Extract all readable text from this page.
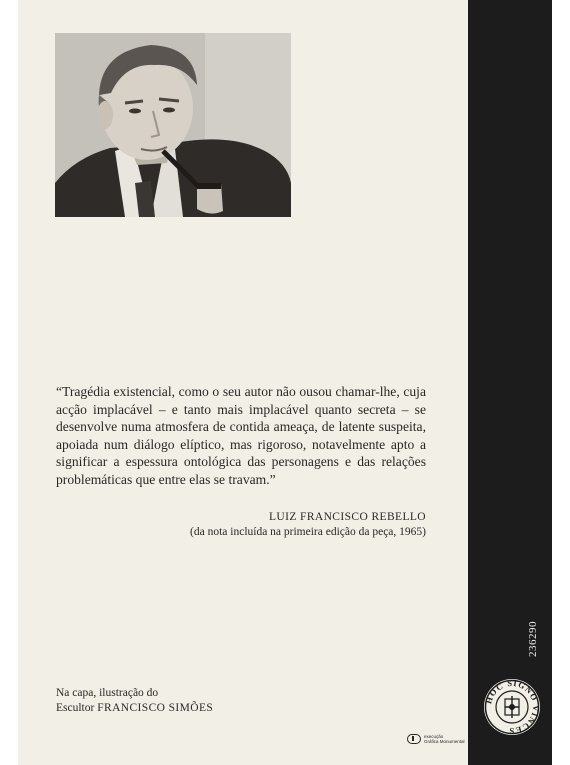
“Tragédia existencial, como o seu autor não ousou chamar-lhe, cuja acção implacável – e tanto mais implacável quanto secreta – se desenvolve numa atmosfera de contida ameaça, de latente suspeita, apoiada num diálogo elíptico, mas rigoroso, notavelmente apto a significar a espessura ontológica das personagens e das relações problemáticas que entre elas se travam.”

LUIZ FRANCISCO REBELLO
(da nota incluída na primeira edição da peça, 1965)
Na capa, ilustração do
Escultor FRANCISCO SIMÕES
execução
Gráfica Monumental
236290
HOC SIGNO VINCES
